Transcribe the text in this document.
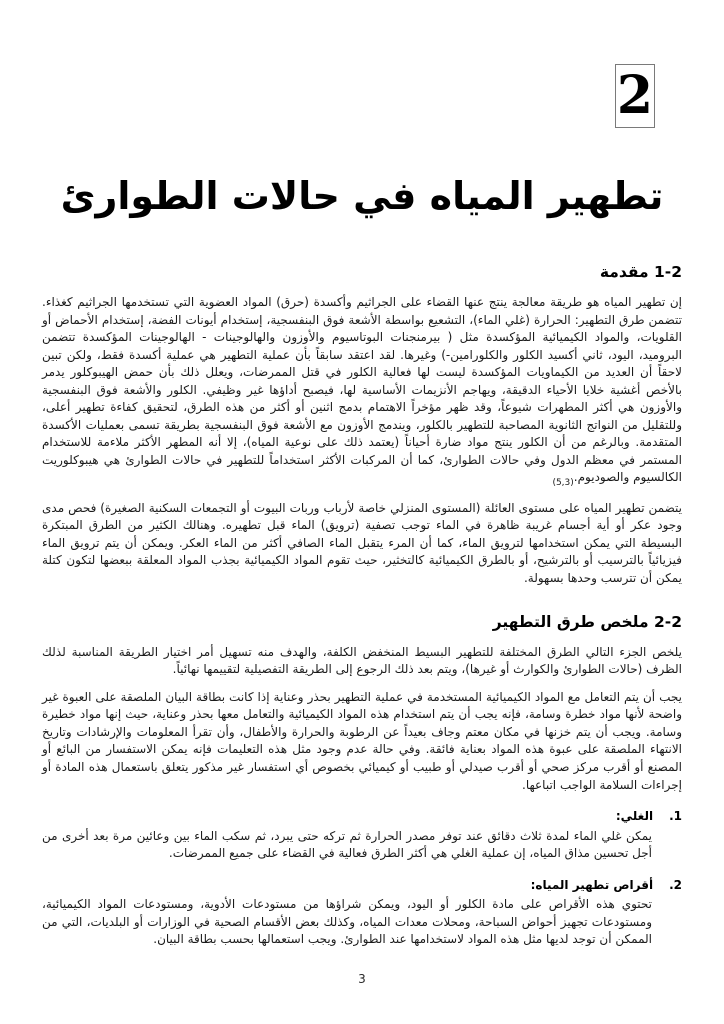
2
تطهير المياه في حالات الطوارئ
1-2 مقدمة

إن تطهير المياه هو طريقة معالجة ينتج عنها القضاء على الجراثيم وأكسدة (حرق) المواد العضوية التي تستخدمها الجراثيم كغذاء. تتضمن طرق التطهير: الحرارة (غلي الماء)، التشعيع بواسطة الأشعة فوق البنفسجية، إستخدام أيونات الفضة، إستخدام الأحماض أو القلويات، والمواد الكيميائية المؤكسدة مثل ( بيرمنجنات البوتاسيوم والأوزون والهالوجينات - الهالوجينات المؤكسدة تتضمن البروميد، اليود، ثاني أكسيد الكلور والكلورامين-) وغيرها. لقد اعتقد سابقاً بأن عملية التطهير هي عملية أكسدة فقط، ولكن تبين لاحقاً أن العديد من الكيماويات المؤكسدة ليست لها فعالية الكلور في قتل الممرضات، ويعلل ذلك بأن حمض الهيبوكلور يدمر بالأخص أغشية خلايا الأحياء الدقيقة، ويهاجم الأنزيمات الأساسية لها، فيصبح أداؤها غير وظيفي. الكلور والأشعة فوق البنفسجية والأوزون هي أكثر المطهرات شيوعاً، وقد ظهر مؤخراً الاهتمام بدمج اثنين أو أكثر من هذه الطرق، لتحقيق كفاءة تطهير أعلى، وللتقليل من النواتج الثانوية المصاحبة للتطهير بالكلور، ويندمج الأوزون مع الأشعة فوق البنفسجية بطريقة تسمى بعمليات الأكسدة المتقدمة. وبالرغم من أن الكلور ينتج مواد ضارة أحياناً (يعتمد ذلك على نوعية المياه)، إلا أنه المطهر الأكثر ملاءمة للاستخدام المستمر في معظم الدول وفي حالات الطوارئ، كما أن المركبات الأكثر استخداماً للتطهير في حالات الطوارئ هي هيبوكلوريت الكالسيوم والصوديوم.(5,3)

يتضمن تطهير المياه على مستوى العائلة (المستوى المنزلي خاصة لأرباب وربات البيوت أو التجمعات السكنية الصغيرة) فحص مدى وجود عكر أو أية أجسام غريبة ظاهرة في الماء توجب تصفية (ترويق) الماء قبل تطهيره. وهنالك الكثير من الطرق المبتكرة البسيطة التي يمكن استخدامها لترويق الماء، كما أن المرء يتقبل الماء الصافي أكثر من الماء العكر. ويمكن أن يتم ترويق الماء فيزيائياً بالترسيب أو بالترشيح، أو بالطرق الكيميائية كالتخثير، حيث تقوم المواد الكيميائية بجذب المواد المعلقة ببعضها لتكون كتلة يمكن أن تترسب وحدها بسهولة.

2-2 ملخص طرق التطهير

يلخص الجزء التالي الطرق المختلفة للتطهير البسيط المنخفض الكلفة، والهدف منه تسهيل أمر اختيار الطريقة المناسبة لذلك الظرف (حالات الطوارئ والكوارث أو غيرها)، ويتم بعد ذلك الرجوع إلى الطريقة التفصيلية لتقييمها نهائياً.

يجب أن يتم التعامل مع المواد الكيميائية المستخدمة في عملية التطهير بحذر وعناية إذا كانت بطاقة البيان الملصقة على العبوة غير واضحة لأنها مواد خطرة وسامة، فإنه يجب أن يتم استخدام هذه المواد الكيميائية والتعامل معها بحذر وعناية، حيث إنها مواد خطيرة وسامة. ويجب أن يتم خزنها في مكان معتم وجاف بعيداً عن الرطوبة والحرارة والأطفال، وأن تقرأ المعلومات والإرشادات وتاريخ الانتهاء الملصقة على عبوة هذه المواد بعناية فائقة. وفي حالة عدم وجود مثل هذه التعليمات فإنه يمكن الاستفسار من البائع أو المصنع أو أقرب مركز صحي أو أقرب صيدلي أو طبيب أو كيميائي بخصوص أي استفسار غير مذكور يتعلق باستعمال هذه المادة أو إجراءات السلامة الواجب اتباعها.

1.
الغلي:
يمكن غلي الماء لمدة ثلاث دقائق عند توفر مصدر الحرارة ثم تركه حتى يبرد، ثم سكب الماء بين وعائين مرة بعد أخرى من أجل تحسين مذاق المياه، إن عملية الغلي هي أكثر الطرق فعالية في القضاء على جميع الممرضات.
2.
أقراص تطهير المياه:
تحتوي هذه الأقراص على مادة الكلور أو اليود، ويمكن شراؤها من مستودعات الأدوية، ومستودعات المواد الكيميائية، ومستودعات تجهيز أحواض السباحة، ومحلات معدات المياه، وكذلك بعض الأقسام الصحية في الوزارات أو البلديات، التي من الممكن أن توجد لديها مثل هذه المواد لاستخدامها عند الطوارئ. ويجب استعمالها بحسب بطاقة البيان.
3
